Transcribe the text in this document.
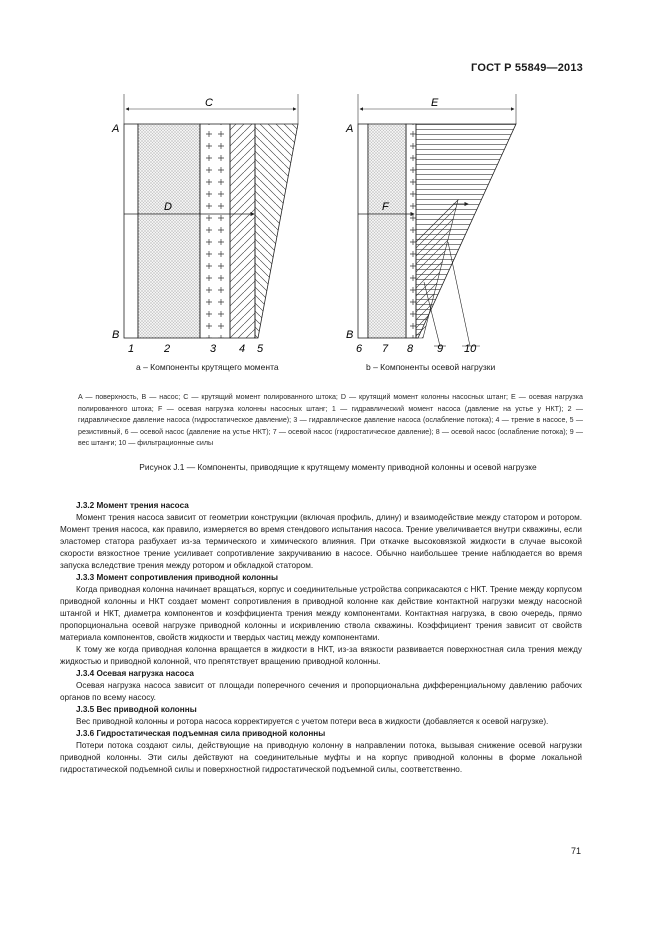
ГОСТ Р 55849—2013
C
D
A
B
1	2	3 4 5
E
F
A
B
6 7 8 9 10
a – Компоненты крутящего момента	b – Компоненты осевой нагрузки
A — поверхность, B — насос; C — крутящий момент полированного штока; D — крутящий момент колонны насосных штанг; E — осевая нагрузка полированного штока; F — осевая нагрузка колонны насосных штанг; 1 — гидравлический момент насоса (давление на устье у НКТ); 2 — гидравлическое давление насоса (гидростатическое давление); 3 — гидравлическое давление насоса (ослабление потока); 4 — трение в насосе, 5 — резистивный, 6 — осевой насос (давление на устье НКТ); 7 — осевой насос (гидростатическое давление); 8 — осевой насос (ослабление потока); 9 — вес штанги; 10 — фильтрационные силы
Рисунок J.1 — Компоненты, приводящие к крутящему моменту приводной колонны и осевой нагрузке
J.3.2 Момент трения насоса

Момент трения насоса зависит от геометрии конструкции (включая профиль, длину) и взаимодействие между статором и ротором. Момент трения насоса, как правило, измеряется во время стендового испытания насоса. Трение увеличивается внутри скважины, если эластомер статора разбухает из-за термического и химического влияния. При откачке высоковязкой жидкости в случае высокой скорости вязкостное трение усиливает сопротивление закручиванию в насосе. Обычно наибольшее трение наблюдается во время запуска вследствие трения между ротором и обкладкой статором.

J.3.3 Момент сопротивления приводной колонны

Когда приводная колонна начинает вращаться, корпус и соединительные устройства соприкасаются с НКТ. Трение между корпусом приводной колонны и НКТ создает момент сопротивления в приводной колонне как действие контактной нагрузки между насосной штангой и НКТ, диаметра компонентов и коэффициента трения между компонентами. Контактная нагрузка, в свою очередь, прямо пропорциональна осевой нагрузке приводной колонны и искривлению ствола скважины. Коэффициент трения зависит от свойств материала компонентов, свойств жидкости и твердых частиц между компонентами.

К тому же когда приводная колонна вращается в жидкости в НКТ, из-за вязкости развивается поверхностная сила трения между жидкостью и приводной колонной, что препятствует вращению приводной колонны.

J.3.4 Осевая нагрузка насоса

Осевая нагрузка насоса зависит от площади поперечного сечения и пропорциональна дифференциальному давлению рабочих органов по всему насосу.

J.3.5 Вес приводной колонны

Вес приводной колонны и ротора насоса корректируется с учетом потери веса в жидкости (добавляется к осевой нагрузке).

J.3.6 Гидростатическая подъемная сила приводной колонны

Потери потока создают силы, действующие на приводную колонну в направлении потока, вызывая снижение осевой нагрузки приводной колонны. Эти силы действуют на соединительные муфты и на корпус приводной колонны в форме локальной гидростатической подъемной силы и поверхностной гидростатической подъемной силы, соответственно.

71
